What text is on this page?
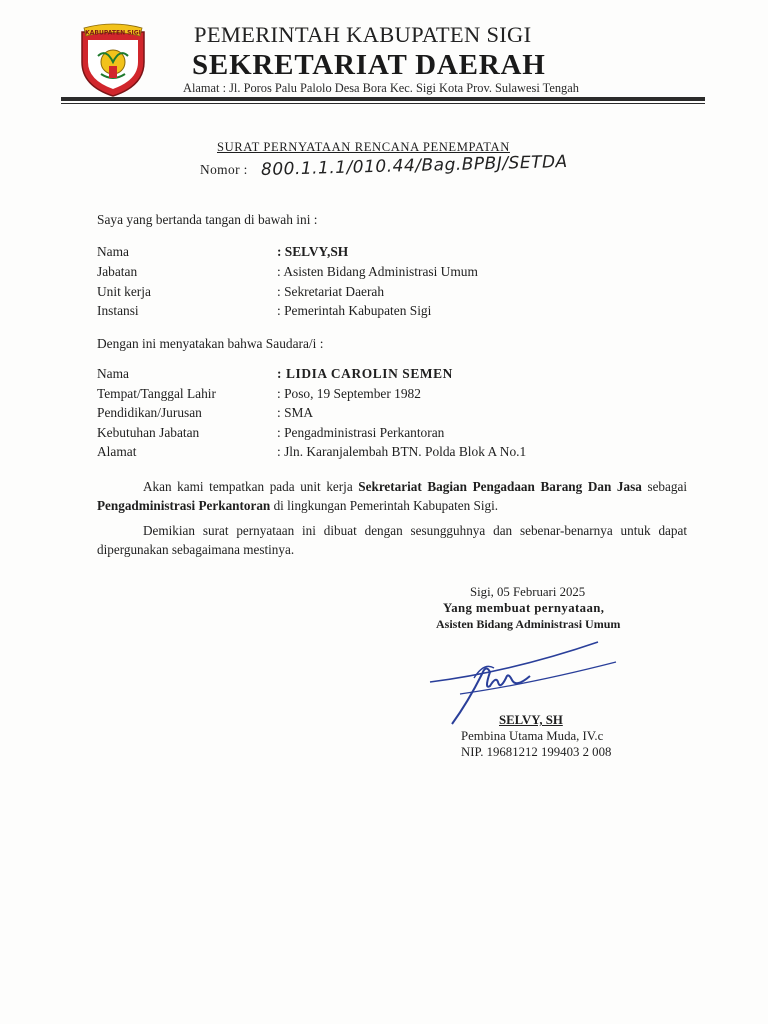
KABUPATEN SIGI PEMERINTAH KABUPATEN SIGI
SEKRETARIAT DAERAH
Alamat : Jl. Poros Palu Palolo Desa Bora Kec. Sigi Kota Prov. Sulawesi Tengah
SURAT PERNYATAAN RENCANA PENEMPATAN
Nomor : 800.1.1.1/010.44/Bag.BPBJ/SETDA
Saya yang bertanda tangan di bawah ini :
Nama	: SELVY,SH
Jabatan	: Asisten Bidang Administrasi Umum
Unit kerja	: Sekretariat Daerah
Instansi	: Pemerintah Kabupaten Sigi
Dengan ini menyatakan bahwa Saudara/i :
Nama	: LIDIA CAROLIN SEMEN
Tempat/Tanggal Lahir	: Poso, 19 September 1982
Pendidikan/Jurusan	: SMA
Kebutuhan Jabatan	: Pengadministrasi Perkantoran
Alamat	: Jln. Karanjalembah BTN. Polda Blok A No.1
Akan kami tempatkan pada unit kerja Sekretariat Bagian Pengadaan Barang Dan Jasa sebagai Pengadministrasi Perkantoran di lingkungan Pemerintah Kabupaten Sigi.
Demikian surat pernyataan ini dibuat dengan sesungguhnya dan sebenar-benarnya untuk dapat dipergunakan sebagaimana mestinya.
Sigi, 05 Februari 2025
Yang membuat pernyataan,
Asisten Bidang Administrasi Umum
SELVY, SH
Pembina Utama Muda, IV.c
NIP. 19681212 199403 2 008
